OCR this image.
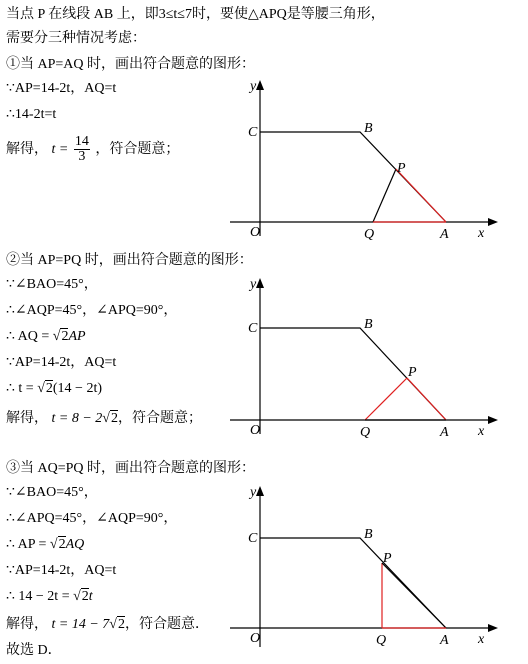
当点 P 在线段 AB 上，即3≤t≤7时，要使△APQ是等腰三角形，
需要分三种情况考虑：
①当 AP=AQ 时，画出符合题意的图形：
∵AP=14-2t，AQ=t
∴14-2t=t
解得， $t = \frac{14}{3}$ ，符合题意；
y
x
C	B
P
O	Q	A
②当 AP=PQ 时，画出符合题意的图形：
∵∠BAO=45°，
∴∠AQP=45°，∠APQ=90°，
∴ AQ = √2AP
∵AP=14-2t，AQ=t
∴ t = √2(14 − 2t)
解得， t = 8 − 2√2，符合题意；
y
x
C	B
P
O	Q	A
③当 AQ=PQ 时，画出符合题意的图形：
∵∠BAO=45°，
∴∠APQ=45°，∠AQP=90°，
∴ AP = √2AQ
∵AP=14-2t，AQ=t
∴ 14 − 2t = √2t
解得， t = 14 − 7√2，符合题意．
故选 D．
y
x
C	B
P
O	Q	A
